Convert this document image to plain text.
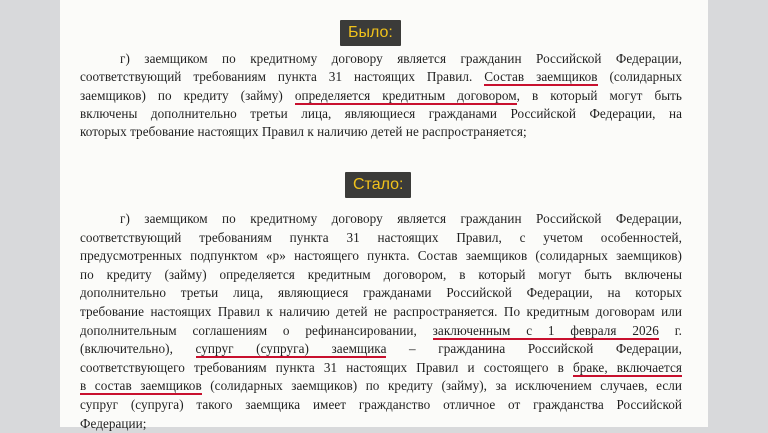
Было:
г) заемщиком по кредитному договору является гражданин Российской Федерации,
соответствующий требованиям пункта 31 настоящих Правил. Состав заемщиков (солидарных
заемщиков) по кредиту (займу) определяется кредитным договором, в который могут быть
включены дополнительно третьи лица, являющиеся гражданами Российской Федерации, на
которых требование настоящих Правил к наличию детей не распространяется;
Стало:
г) заемщиком по кредитному договору является гражданин Российской Федерации,
соответствующий требованиям пункта 31 настоящих Правил, с учетом особенностей,
предусмотренных подпунктом «р» настоящего пункта. Состав заемщиков (солидарных заемщиков)
по кредиту (займу) определяется кредитным договором, в который могут быть включены
дополнительно третьи лица, являющиеся гражданами Российской Федерации, на которых
требование настоящих Правил к наличию детей не распространяется. По кредитным договорам или
дополнительным соглашениям о рефинансировании, заключенным с 1 февраля 2026 г.
(включительно), супруг (супруга) заемщика – гражданина Российской Федерации,
соответствующего требованиям пункта 31 настоящих Правил и состоящего в браке, включается
в состав заемщиков (солидарных заемщиков) по кредиту (займу), за исключением случаев, если
супруг (супруга) такого заемщика имеет гражданство отличное от гражданства Российской
Федерации;
